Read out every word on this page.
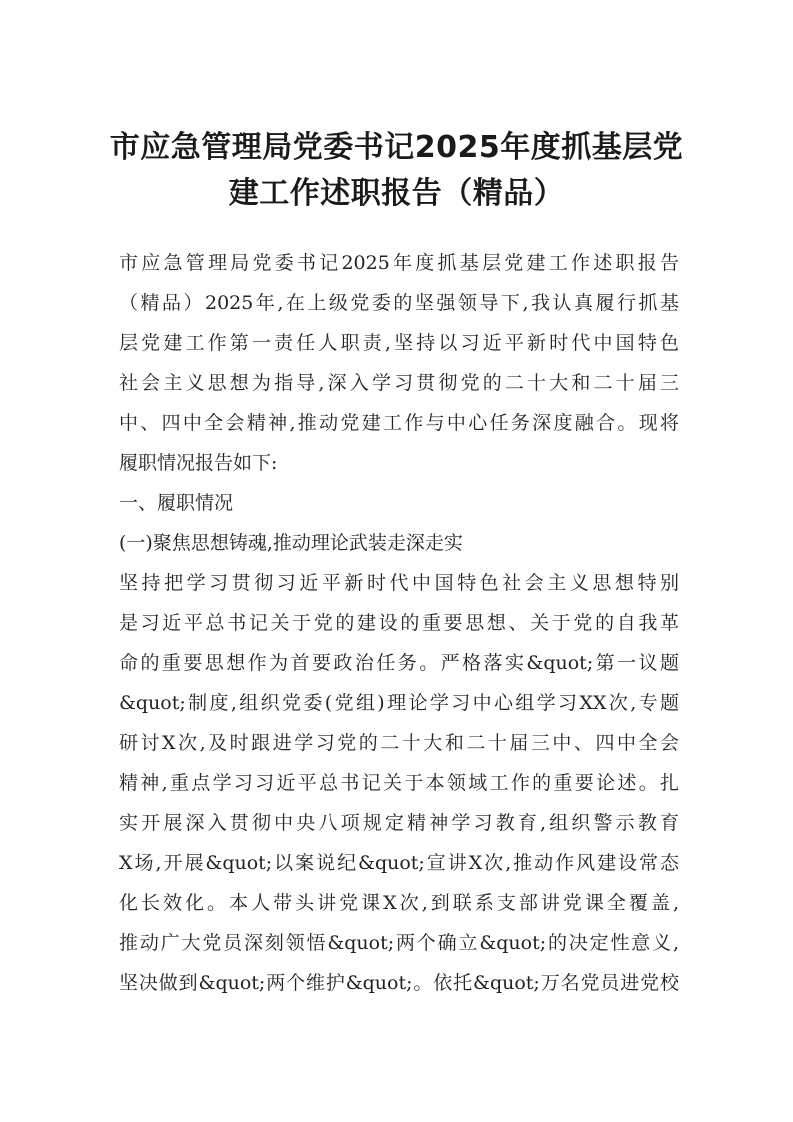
市应急管理局党委书记2025年度抓基层党
建工作述职报告（精品）
市应急管理局党委书记2025年度抓基层党建工作述职报告
（精品）2025年,在上级党委的坚强领导下,我认真履行抓基
层党建工作第一责任人职责,坚持以习近平新时代中国特色
社会主义思想为指导,深入学习贯彻党的二十大和二十届三
中、四中全会精神,推动党建工作与中心任务深度融合。现将
履职情况报告如下:
一、履职情况
(一)聚焦思想铸魂,推动理论武装走深走实
坚持把学习贯彻习近平新时代中国特色社会主义思想特别
是习近平总书记关于党的建设的重要思想、关于党的自我革
命的重要思想作为首要政治任务。严格落实&quot;第一议题
&quot;制度,组织党委(党组)理论学习中心组学习XX次,专题
研讨X次,及时跟进学习党的二十大和二十届三中、四中全会
精神,重点学习习近平总书记关于本领域工作的重要论述。扎
实开展深入贯彻中央八项规定精神学习教育,组织警示教育
X场,开展&quot;以案说纪&quot;宣讲X次,推动作风建设常态
化长效化。本人带头讲党课X次,到联系支部讲党课全覆盖,
推动广大党员深刻领悟&quot;两个确立&quot;的决定性意义,
坚决做到&quot;两个维护&quot;。依托&quot;万名党员进党校
